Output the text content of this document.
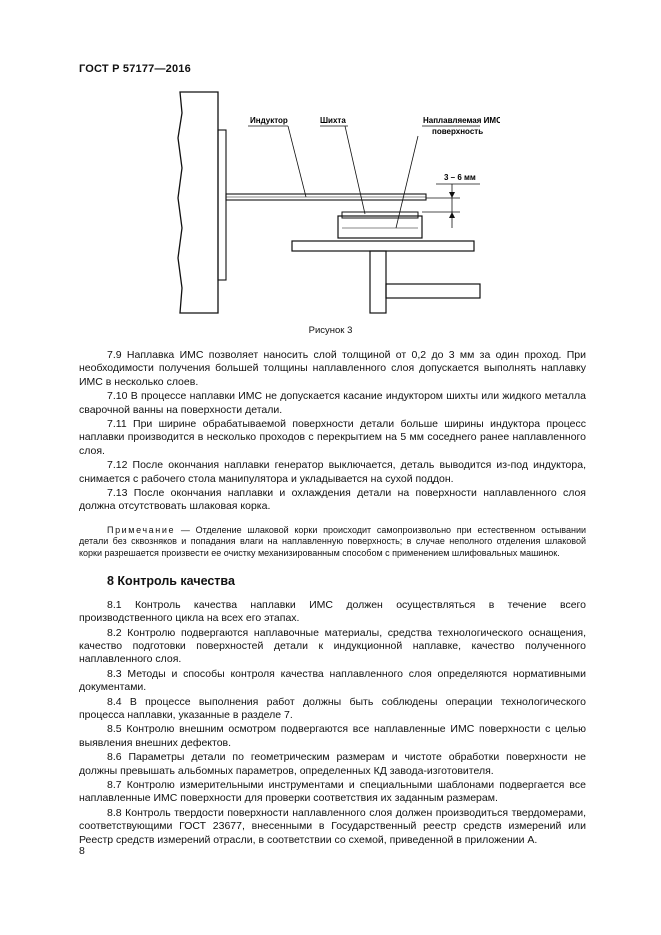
ГОСТ Р 57177—2016
3 – 6 мм
Индуктор	Шихта	Наплавляемая ИМС
поверхность
Рисунок 3

7.9 Наплавка ИМС позволяет наносить слой толщиной от 0,2 до 3 мм за один проход. При необходимости получения большей толщины наплавленного слоя допускается выполнять наплавку ИМС в несколько слоев.

7.10 В процессе наплавки ИМС не допускается касание индуктором шихты или жидкого металла сварочной ванны на поверхности детали.

7.11 При ширине обрабатываемой поверхности детали больше ширины индуктора процесс наплавки производится в несколько проходов с перекрытием на 5 мм соседнего ранее наплавленного слоя.

7.12 После окончания наплавки генератор выключается, деталь выводится из-под индуктора, снимается с рабочего стола манипулятора и укладывается на сухой поддон.

7.13 После окончания наплавки и охлаждения детали на поверхности наплавленного слоя должна отсутствовать шлаковая корка.

Примечание — Отделение шлаковой корки происходит самопроизвольно при естественном остывании детали без сквозняков и попадания влаги на наплавленную поверхность; в случае неполного отделения шлаковой корки разрешается произвести ее очистку механизированным способом с применением шлифовальных машинок.

8 Контроль качества

8.1 Контроль качества наплавки ИМС должен осуществляться в течение всего производственного цикла на всех его этапах.

8.2 Контролю подвергаются наплавочные материалы, средства технологического оснащения, качество подготовки поверхностей детали к индукционной наплавке, качество полученного наплавленного слоя.

8.3 Методы и способы контроля качества наплавленного слоя определяются нормативными документами.

8.4 В процессе выполнения работ должны быть соблюдены операции технологического процесса наплавки, указанные в разделе 7.

8.5 Контролю внешним осмотром подвергаются все наплавленные ИМС поверхности с целью выявления внешних дефектов.

8.6 Параметры детали по геометрическим размерам и чистоте обработки поверхности не должны превышать альбомных параметров, определенных КД завода-изготовителя.

8.7 Контролю измерительными инструментами и специальными шаблонами подвергается все наплавленные ИМС поверхности для проверки соответствия их заданным размерам.

8.8 Контроль твердости поверхности наплавленного слоя должен производиться твердомерами, соответствующими ГОСТ 23677, внесенными в Государственный реестр средств измерений или Реестр средств измерений отрасли, в соответствии со схемой, приведенной в приложении А.

8
